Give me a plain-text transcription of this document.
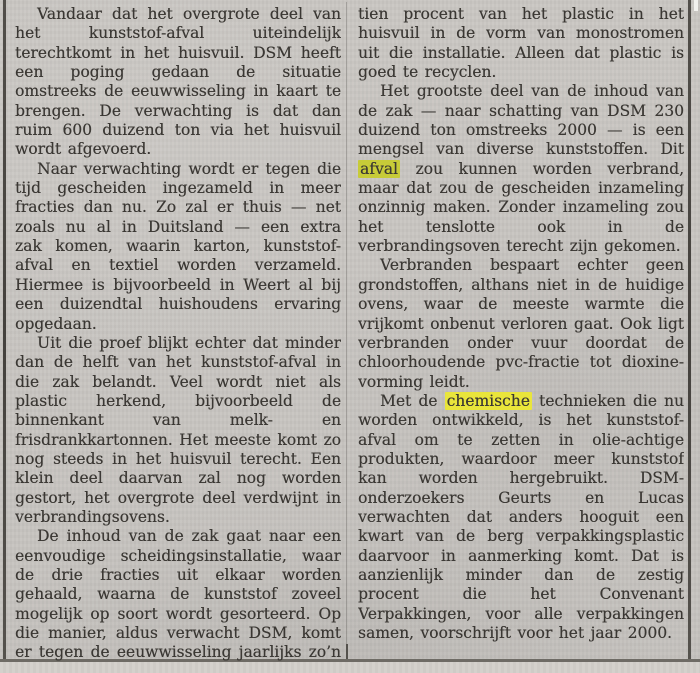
Vandaar dat het overgrote deel van het kunststof-afval uiteindelijk terechtkomt in het huisvuil. DSM heeft een poging gedaan de situatie omstreeks de eeuwwisseling in kaart te brengen. De verwachting is dat dan ruim 600 duizend ton via het huisvuil wordt afgevoerd.

Naar verwachting wordt er tegen die tijd gescheiden ingezameld in meer fracties dan nu. Zo zal er thuis — net zoals nu al in Duitsland — een extra zak komen, waarin karton, kunststof-afval en textiel worden verzameld. Hiermee is bijvoorbeeld in Weert al bij een duizendtal huishoudens ervaring opgedaan.

Uit die proef blijkt echter dat minder dan de helft van het kunststof-afval in die zak belandt. Veel wordt niet als plastic herkend, bijvoorbeeld de binnenkant van melk- en frisdrankkartonnen. Het meeste komt zo nog steeds in het huisvuil terecht. Een klein deel daarvan zal nog worden gestort, het overgrote deel verdwijnt in verbrandingsovens.

De inhoud van de zak gaat naar een eenvoudige scheidingsinstallatie, waar de drie fracties uit elkaar worden gehaald, waarna de kunststof zoveel mogelijk op soort wordt gesorteerd. Op die manier, aldus verwacht DSM, komt er tegen de eeuwwisseling jaarlijks zo’n

tien procent van het plastic in het huisvuil in de vorm van monostromen uit die installatie. Alleen dat plastic is goed te recyclen.

Het grootste deel van de inhoud van de zak — naar schatting van DSM 230 duizend ton omstreeks 2000 — is een mengsel van diverse kunststoffen. Dit afval zou kunnen worden verbrand, maar dat zou de gescheiden inzameling onzinnig maken. Zonder inzameling zou het tenslotte ook in de verbrandingsoven terecht zijn gekomen.

Verbranden bespaart echter geen grondstoffen, althans niet in de huidige ovens, waar de meeste warmte die vrijkomt onbenut verloren gaat. Ook ligt verbranden onder vuur doordat de chloorhoudende pvc-fractie tot dioxine-vorming leidt.

Met de chemische technieken die nu worden ontwikkeld, is het kunststof-afval om te zetten in olie-achtige produkten, waardoor meer kunststof kan worden hergebruikt. DSM-onderzoekers Geurts en Lucas verwachten dat anders hooguit een kwart van de berg verpakkingsplastic daarvoor in aanmerking komt. Dat is aanzienlijk minder dan de zestig procent die het Convenant Verpakkingen, voor alle verpakkingen samen, voorschrijft voor het jaar 2000.
